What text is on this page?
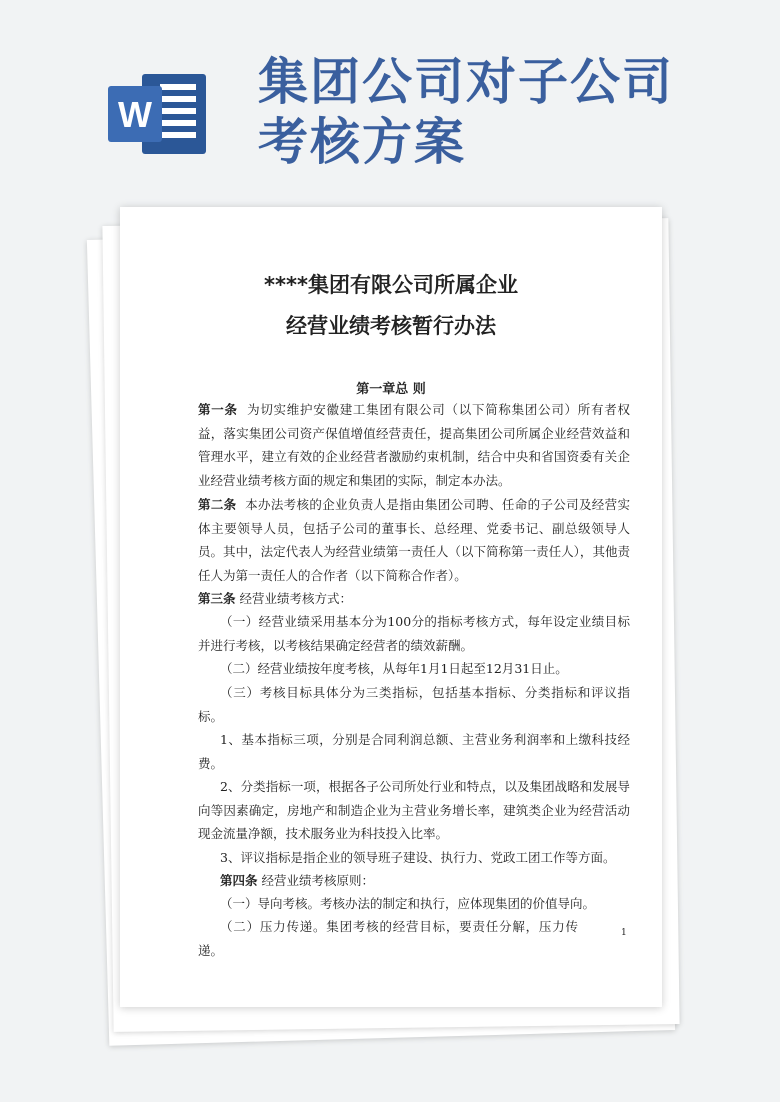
W
集团公司对子公司
考核方案
****集团有限公司所属企业
经营业绩考核暂行办法
第一章总 则
第一条 为切实维护安徽建工集团有限公司（以下简称集团公司）所有者权益，落实集团公司资产保值增值经营责任，提高集团公司所属企业经营效益和管理水平，建立有效的企业经营者激励约束机制，结合中央和省国资委有关企业经营业绩考核方面的规定和集团的实际，制定本办法。
第二条 本办法考核的企业负责人是指由集团公司聘、任命的子公司及经营实体主要领导人员，包括子公司的董事长、总经理、党委书记、副总级领导人员。其中，法定代表人为经营业绩第一责任人（以下简称第一责任人），其他责任人为第一责任人的合作者（以下简称合作者）。
第三条 经营业绩考核方式：
（一）经营业绩采用基本分为100分的指标考核方式，每年设定业绩目标并进行考核，以考核结果确定经营者的绩效薪酬。
（二）经营业绩按年度考核，从每年1月1日起至12月31日止。
（三）考核目标具体分为三类指标，包括基本指标、分类指标和评议指标。
1、基本指标三项，分别是合同利润总额、主营业务利润率和上缴科技经费。
2、分类指标一项，根据各子公司所处行业和特点，以及集团战略和发展导向等因素确定，房地产和制造企业为主营业务增长率，建筑类企业为经营活动现金流量净额，技术服务业为科技投入比率。
3、评议指标是指企业的领导班子建设、执行力、党政工团工作等方面。
第四条 经营业绩考核原则：
（一）导向考核。考核办法的制定和执行，应体现集团的价值导向。
（二）压力传递。集团考核的经营目标，要责任分解，压力传递。
1
